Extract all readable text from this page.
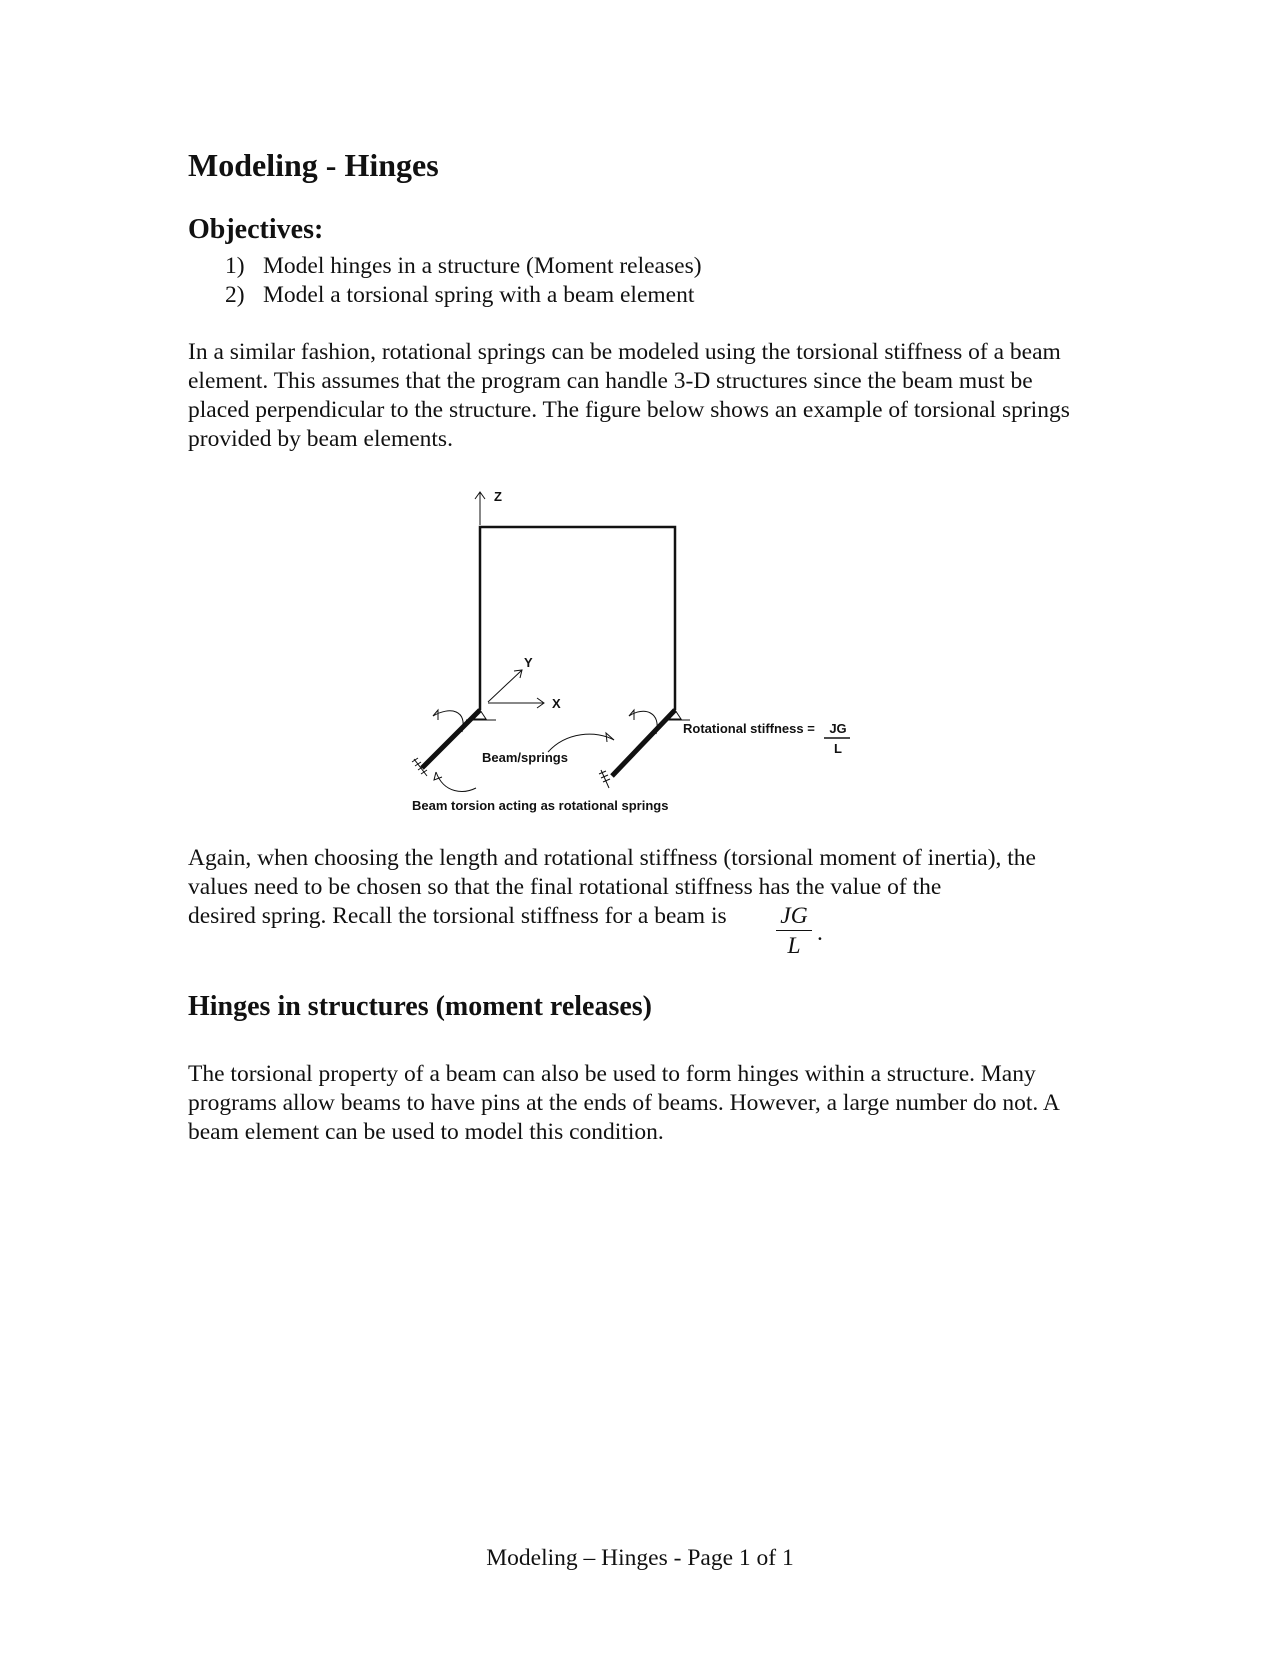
Modeling - Hinges
Objectives:
1) Model hinges in a structure (Moment releases)
2) Model a torsional spring with a beam element

In a similar fashion, rotational springs can be modeled using the torsional stiffness of a beam element. This assumes that the program can handle 3-D structures since the beam must be placed perpendicular to the structure. The figure below shows an example of torsional springs provided by beam elements.

Z
Y
X
Rotational stiffness = JG
L
Beam/springs
Beam torsion acting as rotational springs

Again, when choosing the length and rotational stiffness (torsional moment of inertia), the values need to be chosen so that the final rotational stiffness has the value of the

desired spring. Recall the torsional stiffness for a beam is $\frac{JG}{L}$ .
Hinges in structures (moment releases)

The torsional property of a beam can also be used to form hinges within a structure. Many programs allow beams to have pins at the ends of beams. However, a large number do not. A beam element can be used to model this condition.

Modeling – Hinges - Page 1 of 1
